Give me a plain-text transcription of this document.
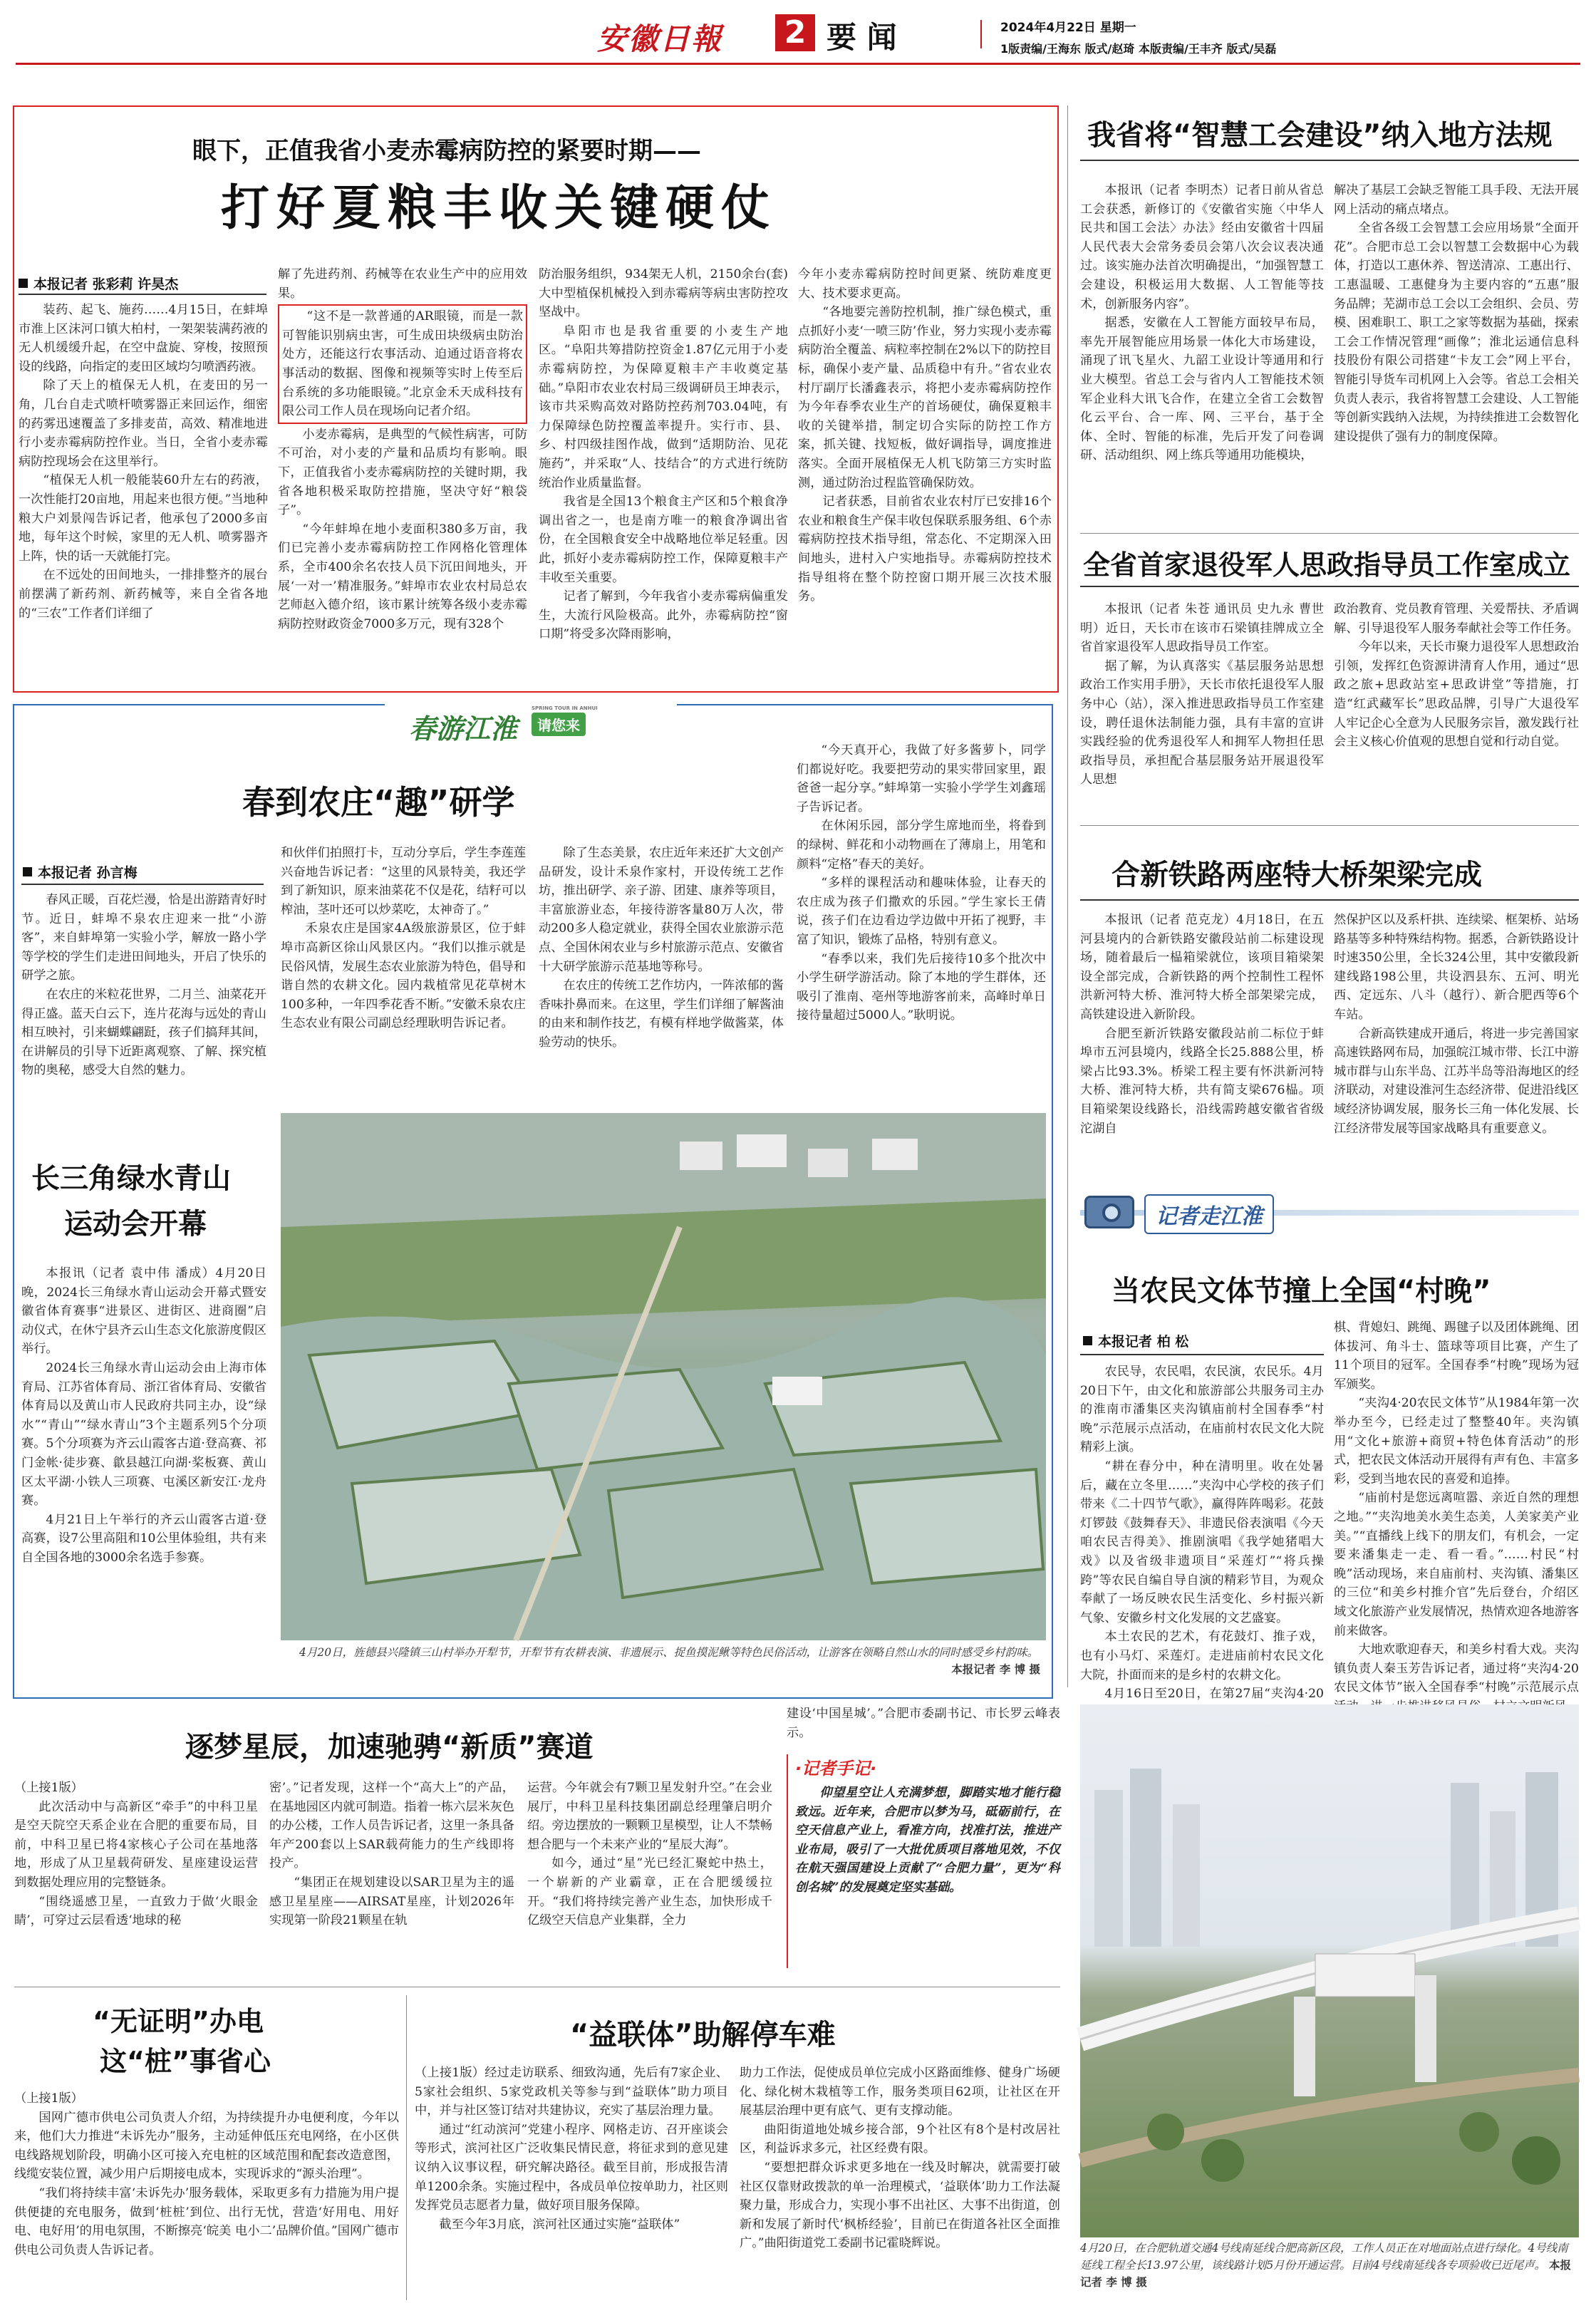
安徽日報 2 要 闻	2024年4月22日 星期一
1版责编/王海东 版式/赵琦 本版责编/王丰齐 版式/吴磊
眼下，正值我省小麦赤霉病防控的紧要时期——
打好夏粮丰收关键硬仗
本报记者 张彩莉 许昊杰

装药、起飞、施药……4月15日，在蚌埠市淮上区沫河口镇大柏村，一架架装满药液的无人机缓缓升起，在空中盘旋、穿梭，按照预设的线路，向指定的麦田区域均匀喷洒药液。

除了天上的植保无人机，在麦田的另一角，几台自走式喷杆喷雾器正来回运作，细密的药雾迅速覆盖了多排麦苗，高效、精准地进行小麦赤霉病防控作业。当日，全省小麦赤霉病防控现场会在这里举行。

“植保无人机一般能装60升左右的药液，一次性能打20亩地，用起来也很方便。”当地种粮大户刘景闯告诉记者，他承包了2000多亩地，每年这个时候，家里的无人机、喷雾器齐上阵，快的话一天就能打完。

在不远处的田间地头，一排排整齐的展台前摆满了新药剂、新药械等，来自全省各地的“三农”工作者们详细了

解了先进药剂、药械等在农业生产中的应用效果。

“这不是一款普通的AR眼镜，而是一款可智能识别病虫害，可生成田块级病虫防治处方，还能这行农事活动、迫通过语音将农事活动的数据、图像和视频等实时上传至后台系统的多功能眼镜。”北京金禾天成科技有限公司工作人员在现场向记者介绍。

小麦赤霉病，是典型的气候性病害，可防不可治，对小麦的产量和品质均有影响。眼下，正值我省小麦赤霉病防控的关键时期，我省各地积极采取防控措施，坚决守好“粮袋子”。

“今年蚌埠在地小麦面积380多万亩，我们已完善小麦赤霉病防控工作网格化管理体系，全市400余名农技人员下沉田间地头，开展‘一对一’精准服务。”蚌埠市农业农村局总农艺师赵入德介绍，该市累计统筹各级小麦赤霉病防控财政资金7000多万元，现有328个

防治服务组织，934架无人机，2150余台(套)大中型植保机械投入到赤霉病等病虫害防控攻坚战中。

阜阳市也是我省重要的小麦生产地区。“阜阳共筹措防控资金1.87亿元用于小麦赤霉病防控，为保障夏粮丰产丰收奠定基础。”阜阳市农业农村局三级调研员王坤表示，该市共采购高效对路防控药剂703.04吨，有力保障绿色防控覆盖率提升。实行市、县、乡、村四级挂图作战，做到“适期防治、见花施药”，并采取“人、技结合”的方式进行统防统治作业质量监督。

我省是全国13个粮食主产区和5个粮食净调出省之一，也是南方唯一的粮食净调出省份，在全国粮食安全中战略地位举足轻重。因此，抓好小麦赤霉病防控工作，保障夏粮丰产丰收至关重要。

记者了解到，今年我省小麦赤霉病偏重发生，大流行风险极高。此外，赤霉病防控“窗口期”将受多次降雨影响，

今年小麦赤霉病防控时间更紧、统防难度更大、技术要求更高。

“各地要完善防控机制，推广绿色模式，重点抓好小麦‘一喷三防’作业，努力实现小麦赤霉病防治全覆盖、病粒率控制在2%以下的防控目标，确保小麦产量、品质稳中有升。”省农业农村厅副厅长潘鑫表示，将把小麦赤霉病防控作为今年春季农业生产的首场硬仗，确保夏粮丰收的关键举措，制定切合实际的防控工作方案，抓关键、找短板，做好调指导，调度推进落实。全面开展植保无人机飞防第三方实时监测，通过防治过程监管确保防效。

记者获悉，目前省农业农村厅已安排16个农业和粮食生产保丰收包保联系服务组、6个赤霉病防控技术指导组，常态化、不定期深入田间地头，进村入户实地指导。赤霉病防控技术指导组将在整个防控窗口期开展三次技术服务。

我省将“智慧工会建设”纳入地方法规

本报讯（记者 李明杰）记者日前从省总工会获悉，新修订的《安徽省实施〈中华人民共和国工会法〉办法》经由安徽省十四届人民代表大会常务委员会第八次会议表决通过。该实施办法首次明确提出，“加强智慧工会建设，积极运用大数据、人工智能等技术，创新服务内容”。

据悉，安徽在人工智能方面较早布局，率先开展智能应用场景一体化大市场建设，涌现了讯飞星火、九韶工业设计等通用和行业大模型。省总工会与省内人工智能技术领军企业科大讯飞合作，在建立全省工会数智化云平台、合一库、网、三平台，基于全体、全时、智能的标准，先后开发了问卷调研、活动组织、网上练兵等通用功能模块，

解决了基层工会缺乏智能工具手段、无法开展网上活动的痛点堵点。

全省各级工会智慧工会应用场景“全面开花”。合肥市总工会以智慧工会数据中心为载体，打造以工惠休养、智送清凉、工惠出行、工惠温暖、工惠健身为主要内容的“五惠”服务品牌；芜湖市总工会以工会组织、会员、劳模、困难职工、职工之家等数据为基础，探索工会工作情况管理“画像”；淮北运通信息科技股份有限公司搭建“卡友工会”网上平台，智能引导货车司机网上入会等。省总工会相关负责人表示，我省将智慧工会建设、人工智能等创新实践纳入法规，为持续推进工会数智化建设提供了强有力的制度保障。

全省首家退役军人思政指导员工作室成立

本报讯（记者 朱苍 通讯员 史九永 曹世明）近日，天长市在该市石梁镇挂牌成立全省首家退役军人思政指导员工作室。

据了解，为认真落实《基层服务站思想政治工作实用手册》，天长市依托退役军人服务中心（站），深入推进思政指导员工作室建设，聘任退休法制能力强，具有丰富的宣讲实践经验的优秀退役军人和拥军人物担任思政指导员，承担配合基层服务站开展退役军人思想

政治教育、党员教育管理、关爱帮扶、矛盾调解、引导退役军人服务奉献社会等工作任务。

今年以来，天长市聚力退役军人思想政治引领，发挥红色资源讲清育人作用，通过“思政之旅+思政站室+思政讲堂”等措施，打造“红武藏军长”思政品牌，引导广大退役军人牢记企心全意为人民服务宗旨，激发践行社会主义核心价值观的思想自觉和行动自觉。

合新铁路两座特大桥架梁完成

本报讯（记者 范克龙）4月18日，在五河县境内的合新铁路安徽段站前二标建设现场，随着最后一榀箱梁就位，该项目箱梁架设全部完成，合新铁路的两个控制性工程怀洪新河特大桥、淮河特大桥全部架梁完成，高铁建设进入新阶段。

合肥至新沂铁路安徽段站前二标位于蚌埠市五河县境内，线路全长25.888公里，桥梁占比93.3%。桥梁工程主要有怀洪新河特大桥、淮河特大桥，共有简支梁676榀。项目箱梁架设线路长，沿线需跨越安徽省省级沱湖自

然保护区以及系杆拱、连续梁、框架桥、站场路基等多种特殊结构物。据悉，合新铁路设计时速350公里，全长324公里，其中安徽段新建线路198公里，共设泗县东、五河、明光西、定远东、八斗（越行）、新合肥西等6个车站。

合新高铁建成开通后，将进一步完善国家高速铁路网布局，加强皖江城市带、长江中游城市群与山东半岛、江苏半岛等沿海地区的经济联动，对建设淮河生态经济带、促进沿线区域经济协调发展，服务长三角一体化发展、长江经济带发展等国家战略具有重要意义。

记者走江淮
当农民文体节撞上全国“村晚”
本报记者 柏 松

农民导，农民唱，农民演，农民乐。4月20日下午，由文化和旅游部公共服务司主办的淮南市潘集区夹沟镇庙前村全国春季“村晚”示范展示点活动，在庙前村农民文化大院精彩上演。

“耕在春分中，种在清明里。收在处暑后，藏在立冬里……”夹沟中心学校的孩子们带来《二十四节气歌》，赢得阵阵喝彩。花鼓灯锣鼓《鼓舞春天》、非遗民俗表演唱《今天咱农民吉得美》、推剧演唱《我学她猪唱大戏》以及省级非遗项目“采莲灯”“将兵操跨”等农民自编自导自演的精彩节目，为观众奉献了一场反映农民生活变化、乡村振兴新气象、安徽乡村文化发展的文艺盛宴。

本土农民的艺术，有花鼓灯、推子戏，也有小马灯、采莲灯。走进庙前村农民文化大院，扑面而来的是乡村的农耕文化。

4月16日至20日，在第27届“夹沟4·20

棋、背媳妇、跳绳、踢毽子以及团体跳绳、团体拔河、角斗士、篮球等项目比赛，产生了11个项目的冠军。全国春季“村晚”现场为冠军颁奖。

“夹沟4·20农民文体节”从1984年第一次举办至今，已经走过了整整40年。夹沟镇用“文化+旅游+商贸+特色体育活动”的形式，把农民文体活动开展得有声有色、丰富多彩，受到当地农民的喜爱和追捧。

“庙前村是您远离喧嚣、亲近自然的理想之地。”“夹沟地美水美生态美，人美家美产业美。”“直播线上线下的朋友们，有机会，一定要来潘集走一走、看一看。”……村民“村晚”活动现场，来自庙前村、夹沟镇、潘集区的三位“和美乡村推介官”先后登台，介绍区域文化旅游产业发展情况，热情欢迎各地游客前来做客。

大地欢歌迎春天，和美乡村看大戏。夹沟镇负责人秦玉芳告诉记者，通过将“夹沟4·20农民文体节”嵌入全国春季“村晚”示范展示点

4月20日，在合肥轨道交通4号线南延线合肥高新区段，工作人员正在对地面站点进行绿化。4号线南延线工程全长13.97公里，该线路计划5月份开通运营。目前4号线南延线各专项验收已近尾声。 本报记者 李 博 摄
春游江淮	请您来
SPRING TOUR IN ANHUI
春到农庄“趣”研学
本报记者 孙言梅

春风正暖，百花烂漫，恰是出游踏青好时节。近日，蚌埠不泉农庄迎来一批“小游客”，来自蚌埠第一实验小学，解放一路小学等学校的学生们走进田间地头，开启了快乐的研学之旅。

在农庄的米粒花世界，二月兰、油菜花开得正盛。蓝天白云下，连片花海与远处的青山相互映衬，引来蝴蝶翩跹，孩子们搞拜其间，在讲解员的引导下近距离观察、了解、探究植物的奥秘，感受大自然的魅力。

和伙伴们拍照打卡，互动分享后，学生李莲莲兴奋地告诉记者：“这里的风景特美，我还学到了新知识，原来油菜花不仅是花，结籽可以榨油，茎叶还可以炒菜吃，太神奇了。”

禾泉农庄是国家4A级旅游景区，位于蚌埠市高新区徐山风景区内。“我们以推示就是民俗风情，发展生态农业旅游为特色，倡导和谐自然的农耕文化。园内栽植常见花草树木100多种，一年四季花香不断。”安徽禾泉农庄生态农业有限公司副总经理耿明告诉记者。

除了生态美景，农庄近年来还扩大文创产品研发，设计禾泉作家村，开设传统工艺作坊，推出研学、亲子游、团建、康养等项目，丰富旅游业态，年接待游客量80万人次，带动200多人稳定就业，获得全国农业旅游示范点、全国休闲农业与乡村旅游示范点、安徽省十大研学旅游示范基地等称号。

在农庄的传统工艺作坊内，一阵浓郁的酱香味扑鼻而来。在这里，学生们详细了解酱油的由来和制作技艺，有模有样地学做酱菜，体验劳动的快乐。

“今天真开心，我做了好多酱萝卜，同学们都说好吃。我要把劳动的果实带回家里，跟爸爸一起分享。”蚌埠第一实验小学学生刘鑫瑶子告诉记者。

在休闲乐园，部分学生席地而坐，将眷到的绿树、鲜花和小动物画在了薄扇上，用笔和颜料“定格”春天的美好。

“多样的课程活动和趣味体验，让春天的农庄成为孩子们撒欢的乐园。”学生家长王倩说，孩子们在边看边学边做中开拓了视野，丰富了知识，锻炼了品格，特别有意义。

“春季以来，我们先后接待10多个批次中小学生研学游活动。除了本地的学生群体，还吸引了淮南、亳州等地游客前来，高峰时单日接待量超过5000人。”耿明说。

长三角绿水青山
运动会开幕

本报讯（记者 袁中伟 潘成）4月20日晚，2024长三角绿水青山运动会开幕式暨安徽省体育赛事“进景区、进街区、进商圈”启动仪式，在休宁县齐云山生态文化旅游度假区举行。

2024长三角绿水青山运动会由上海市体育局、江苏省体育局、浙江省体育局、安徽省体育局以及黄山市人民政府共同主办，设“绿水”“青山”“绿水青山”3个主题系列5个分项赛。5个分项赛为齐云山霞客古道·登高赛、祁门金帐·徒步赛、歙县越江向湖·桨板赛、黄山区太平湖·小铁人三项赛、屯溪区新安江·龙舟赛。

4月21日上午举行的齐云山霞客古道·登高赛，设7公里高阻和10公里体验组，共有来自全国各地的3000余名选手参赛。

4月20日，旌德县兴隆镇三山村举办开犁节，开犁节有农耕表演、非遗展示、捉鱼摸泥鳅等特色民俗活动，让游客在领略自然山水的同时感受乡村韵味。
本报记者 李 博 摄
逐梦星辰，加速驰骋“新质”赛道

（上接1版）

此次活动中与高新区“牵手”的中科卫星是空天院空天系企业在合肥的重要布局，目前，中科卫星已将4家核心子公司在基地落地，形成了从卫星载荷研发、星座建设运营到数据处理应用的完整链条。

“围绕遥感卫星，一直致力于做‘火眼金睛’，可穿过云层看透‘地球的秘

密’。”记者发现，这样一个“高大上”的产品，在基地园区内就可制造。指着一栋六层米灰色的办公楼，工作人员告诉记者，这里一条具备年产200套以上SAR载荷能力的生产线即将投产。

“集团正在规划建设以SAR卫星为主的遥感卫星星座——AIRSAT星座，计划2026年实现第一阶段21颗星在轨

运营。今年就会有7颗卫星发射升空。”在会业展厅，中科卫星科技集团副总经理肇启明介绍。旁边摆放的一颗颗卫星模型，让人不禁畅想合肥与一个未来产业的“星辰大海”。

如今，通过“星”光已经汇聚蛇中热土，一个崭新的产业霸章，正在合肥缓缓拉开。“我们将持续完善产业生态，加快形成千亿级空天信息产业集群，全力

建设‘中国星城’。”合肥市委副书记、市长罗云峰表示。

·记者手记·
仰望星空让人充满梦想，脚踏实地才能行稳致远。近年来，合肥市以梦为马，砥砺前行，在空天信息产业上，看准方向，找准打法，推进产业布局，吸引了一大批优质项目落地见效，不仅在航天强国建设上贡献了“合肥力量”，更为“科创名城”的发展奠定坚实基础。
“无证明”办电
这“桩”事省心

（上接1版）

国网广德市供电公司负责人介绍，为持续提升办电便利度，今年以来，他们大力推进“未诉先办”服务，主动延伸低压充电网络，在小区供电线路规划阶段，明确小区可接入充电桩的区域范围和配套改造意图，线缆安装位置，减少用户后期接电成本，实现诉求的“源头治理”。

“我们将持续丰富‘未诉先办’服务载体，采取更多有力措施为用户提供便捷的充电服务，做到‘桩桩’到位、出行无忧，营造‘好用电、用好电、电好用’的用电氛围，不断擦亮‘皖美 电小二’品牌价值。”国网广德市供电公司负责人告诉记者。

“益联体”助解停车难

（上接1版）经过走访联系、细致沟通，先后有7家企业、5家社会组织、5家党政机关等参与到“益联体”助力项目中，并与社区签订结对共建协议，充实了基层治理力量。

通过“红动滨河”党建小程序、网格走访、召开座谈会等形式，滨河社区广泛收集民情民意，将征求到的意见建议纳入议事议程，研究解决路径。截至目前，形成报告清单1200余条。实施过程中，各成员单位按单助力，社区则发挥党员志愿者力量，做好项目服务保障。

截至今年3月底，滨河社区通过实施“益联体”

助力工作法，促使成员单位完成小区路面维修、健身广场硬化、绿化树木栽植等工作，服务类项目62项，让社区在开展基层治理中更有底气、更有支撑动能。

曲阳街道地处城乡接合部，9个社区有8个是村改居社区，利益诉求多元，社区经费有限。

“要想把群众诉求更多地在一线及时解决，就需要打破社区仅靠财政拨款的单一治理模式，‘益联体’助力工作法凝聚力量，形成合力，实现小事不出社区、大事不出街道，创新和发展了新时代‘枫桥经验’，目前已在街道各社区全面推广。”曲阳街道党工委副书记霍晓辉说。
